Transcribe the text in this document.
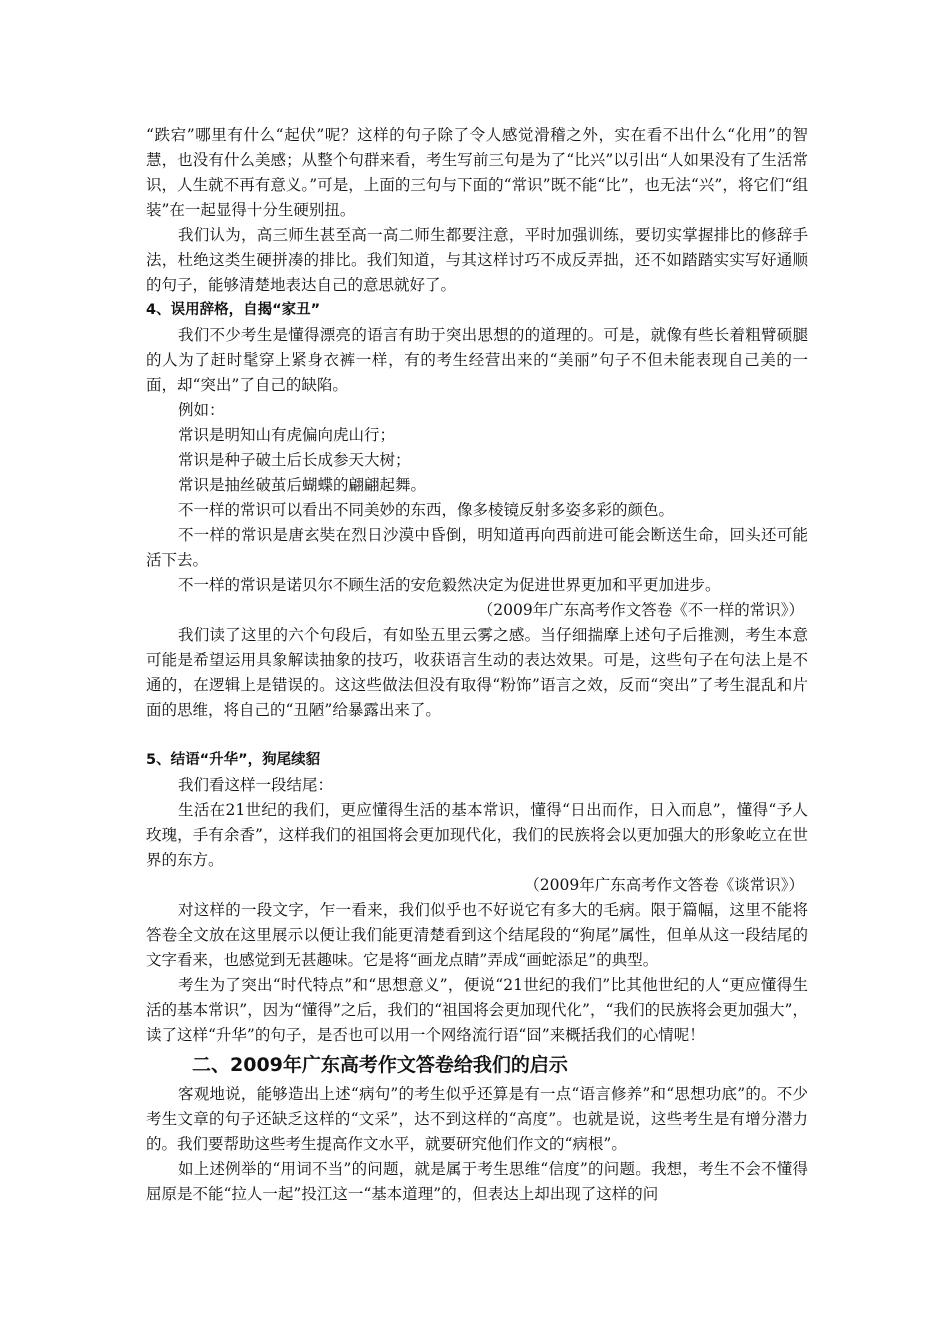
“跌宕”哪里有什么“起伏”呢？这样的句子除了令人感觉滑稽之外，实在看不出什么“化用”的智慧，也没有什么美感；从整个句群来看，考生写前三句是为了“比兴”以引出“人如果没有了生活常识，人生就不再有意义。”可是，上面的三句与下面的“常识”既不能“比”，也无法“兴”，将它们“组装”在一起显得十分生硬别扭。

我们认为，高三师生甚至高一高二师生都要注意，平时加强训练，要切实掌握排比的修辞手法，杜绝这类生硬拼凑的排比。我们知道，与其这样讨巧不成反弄拙，还不如踏踏实实写好通顺的句子，能够清楚地表达自己的意思就好了。

4、误用辞格，自揭“家丑”

我们不少考生是懂得漂亮的语言有助于突出思想的的道理的。可是，就像有些长着粗臂硕腿的人为了赶时髦穿上紧身衣裤一样，有的考生经营出来的“美丽”句子不但未能表现自己美的一面，却“突出”了自己的缺陷。

例如：

常识是明知山有虎偏向虎山行；

常识是种子破土后长成参天大树；

常识是抽丝破茧后蝴蝶的翩翩起舞。

不一样的常识可以看出不同美妙的东西，像多棱镜反射多姿多彩的颜色。

不一样的常识是唐玄奘在烈日沙漠中昏倒，明知道再向西前进可能会断送生命，回头还可能活下去。

不一样的常识是诺贝尔不顾生活的安危毅然决定为促进世界更加和平更加进步。

（2009年广东高考作文答卷《不一样的常识》）

我们读了这里的六个句段后，有如坠五里云雾之感。当仔细揣摩上述句子后推测，考生本意可能是希望运用具象解读抽象的技巧，收获语言生动的表达效果。可是，这些句子在句法上是不通的，在逻辑上是错误的。这这些做法但没有取得“粉饰”语言之效，反而“突出”了考生混乱和片面的思维，将自己的“丑陋”给暴露出来了。

5、结语“升华”，狗尾续貂

我们看这样一段结尾：

生活在21世纪的我们，更应懂得生活的基本常识，懂得“日出而作，日入而息”，懂得“予人玫瑰，手有余香”，这样我们的祖国将会更加现代化，我们的民族将会以更加强大的形象屹立在世界的东方。

（2009年广东高考作文答卷《谈常识》）

对这样的一段文字，乍一看来，我们似乎也不好说它有多大的毛病。限于篇幅，这里不能将答卷全文放在这里展示以便让我们能更清楚看到这个结尾段的“狗尾”属性，但单从这一段结尾的文字看来，也感觉到无甚趣味。它是将“画龙点睛”弄成“画蛇添足”的典型。

考生为了突出“时代特点”和“思想意义”，便说“21世纪的我们”比其他世纪的人“更应懂得生活的基本常识”，因为“懂得”之后，我们的“祖国将会更加现代化”，“我们的民族将会更加强大”，读了这样“升华”的句子，是否也可以用一个网络流行语“囧”来概括我们的心情呢！

二、2009年广东高考作文答卷给我们的启示

客观地说，能够造出上述“病句”的考生似乎还算是有一点“语言修养”和“思想功底”的。不少考生文章的句子还缺乏这样的“文采”，达不到这样的“高度”。也就是说，这些考生是有增分潜力的。我们要帮助这些考生提高作文水平，就要研究他们作文的“病根”。

如上述例举的“用词不当”的问题，就是属于考生思维“信度”的问题。我想，考生不会不懂得屈原是不能“拉人一起”投江这一“基本道理”的，但表达上却出现了这样的问
